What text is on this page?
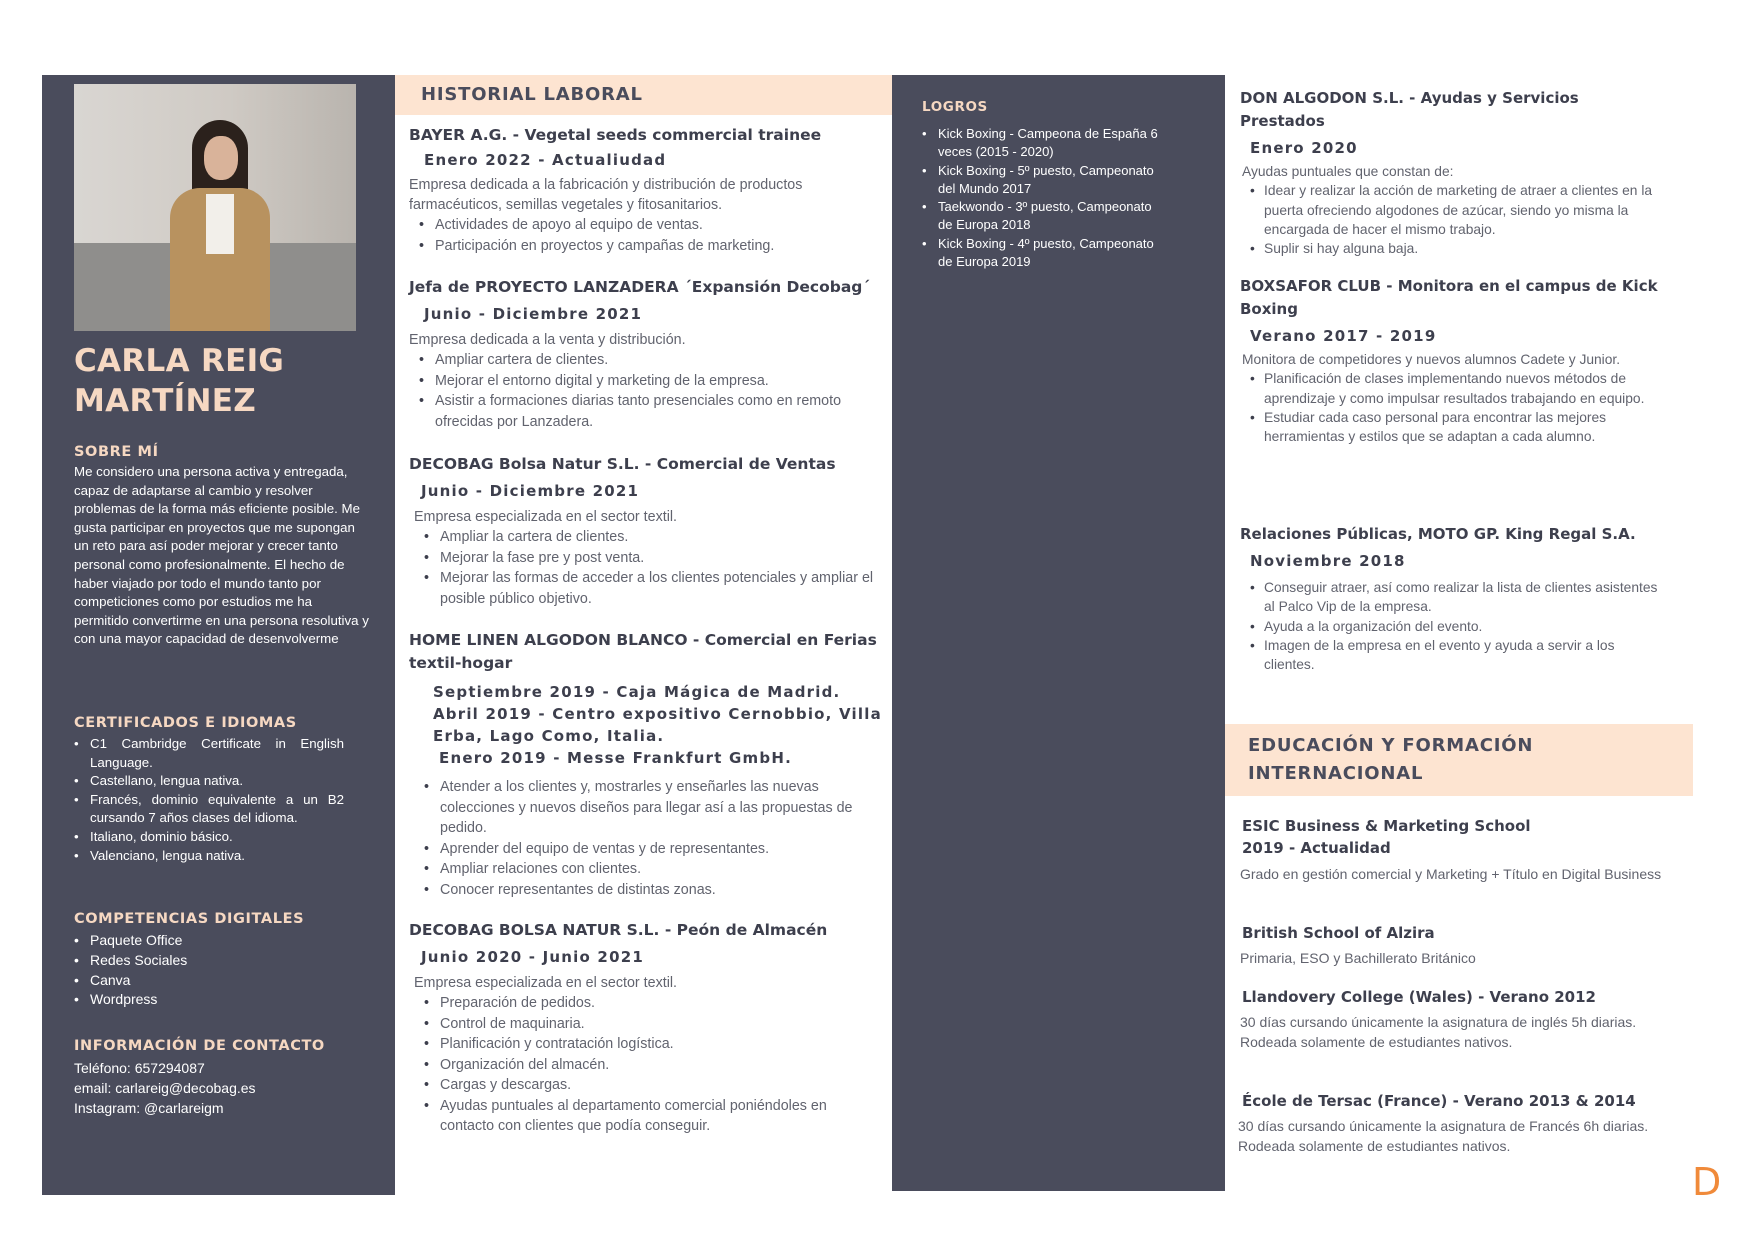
CARLA REIG
MARTÍNEZ
SOBRE MÍ
Me considero una persona activa y entregada, capaz de adaptarse al cambio y resolver problemas de la forma más eficiente posible. Me gusta participar en proyectos que me supongan un reto para así poder mejorar y crecer tanto personal como profesionalmente. El hecho de haber viajado por todo el mundo tanto por competiciones como por estudios me ha permitido convertirme en una persona resolutiva y con una mayor capacidad de desenvolverme
CERTIFICADOS E IDIOMAS
• C1 Cambridge Certificate in English Language.
• Castellano, lengua nativa.
• Francés, dominio equivalente a un B2 cursando 7 años clases del idioma.
• Italiano, dominio básico.
• Valenciano, lengua nativa.
COMPETENCIAS DIGITALES
• Paquete Office
• Redes Sociales
• Canva
• Wordpress
INFORMACIÓN DE CONTACTO
Teléfono: 657294087
email: carlareig@decobag.es
Instagram: @carlareigm
HISTORIAL LABORAL
BAYER A.G. - Vegetal seeds commercial trainee
Enero 2022 - Actualiudad
Empresa dedicada a la fabricación y distribución de productos farmacéuticos, semillas vegetales y fitosanitarios.
• Actividades de apoyo al equipo de ventas.
• Participación en proyectos y campañas de marketing.
Jefa de PROYECTO LANZADERA ´Expansión Decobag´
Junio - Diciembre 2021
Empresa dedicada a la venta y distribución.
• Ampliar cartera de clientes.
• Mejorar el entorno digital y marketing de la empresa.
• Asistir a formaciones diarias tanto presenciales como en remoto ofrecidas por Lanzadera.
DECOBAG Bolsa Natur S.L. - Comercial de Ventas
Junio - Diciembre 2021
Empresa especializada en el sector textil.
• Ampliar la cartera de clientes.
• Mejorar la fase pre y post venta.
• Mejorar las formas de acceder a los clientes potenciales y ampliar el posible público objetivo.
HOME LINEN ALGODON BLANCO - Comercial en Ferias textil-hogar
Septiembre 2019 - Caja Mágica de Madrid.
Abril 2019 - Centro expositivo Cernobbio, Villa Erba, Lago Como, Italia.
Enero 2019 - Messe Frankfurt GmbH.
• Atender a los clientes y, mostrarles y enseñarles las nuevas colecciones y nuevos diseños para llegar así a las propuestas de pedido.
• Aprender del equipo de ventas y de representantes.
• Ampliar relaciones con clientes.
• Conocer representantes de distintas zonas.
DECOBAG BOLSA NATUR S.L. - Peón de Almacén
Junio 2020 - Junio 2021
Empresa especializada en el sector textil.
• Preparación de pedidos.
• Control de maquinaria.
• Planificación y contratación logística.
• Organización del almacén.
• Cargas y descargas.
• Ayudas puntuales al departamento comercial poniéndoles en contacto con clientes que podía conseguir.
LOGROS
• Kick Boxing - Campeona de España 6 veces (2015 - 2020)
• Kick Boxing - 5º puesto, Campeonato del Mundo 2017
• Taekwondo - 3º puesto, Campeonato de Europa 2018
• Kick Boxing - 4º puesto, Campeonato de Europa 2019
DON ALGODON S.L. - Ayudas y Servicios Prestados
Enero 2020
Ayudas puntuales que constan de:
• Idear y realizar la acción de marketing de atraer a clientes en la puerta ofreciendo algodones de azúcar, siendo yo misma la encargada de hacer el mismo trabajo.
• Suplir si hay alguna baja.
BOXSAFOR CLUB - Monitora en el campus de Kick Boxing
Verano 2017 - 2019
Monitora de competidores y nuevos alumnos Cadete y Junior.
• Planificación de clases implementando nuevos métodos de aprendizaje y como impulsar resultados trabajando en equipo.
• Estudiar cada caso personal para encontrar las mejores herramientas y estilos que se adaptan a cada alumno.
Relaciones Públicas, MOTO GP. King Regal S.A.
Noviembre 2018
• Conseguir atraer, así como realizar la lista de clientes asistentes al Palco Vip de la empresa.
• Ayuda a la organización del evento.
• Imagen de la empresa en el evento y ayuda a servir a los clientes.
EDUCACIÓN Y FORMACIÓN
INTERNACIONAL
ESIC Business & Marketing School
2019 - Actualidad
Grado en gestión comercial y Marketing + Título en Digital Business
British School of Alzira
Primaria, ESO y Bachillerato Británico
Llandovery College (Wales) - Verano 2012
30 días cursando únicamente la asignatura de inglés 5h diarias.
Rodeada solamente de estudiantes nativos.
École de Tersac (France) - Verano 2013 & 2014
30 días cursando únicamente la asignatura de Francés 6h diarias.
Rodeada solamente de estudiantes nativos.
D
